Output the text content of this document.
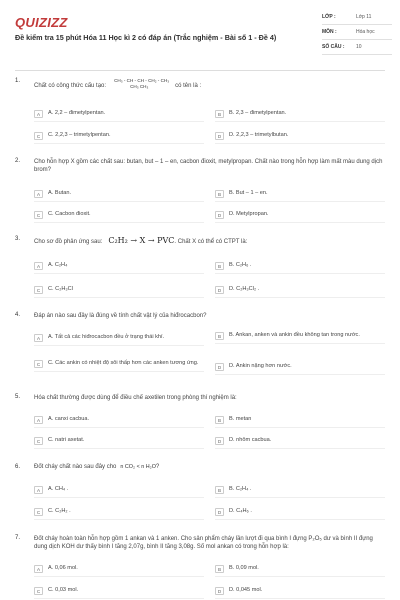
QUIZIZZ
Đề kiểm tra 15 phút Hóa 11 Học kì 2 có đáp án (Trắc nghiệm - Bài số 1 - Đề 4)
LỚP :	Lớp 11
MÔN :	Hóa học
SỐ CÂU :	10
1.
Chất có công thức cấu tạo:
CH₃ - CH - CH - CH₂ - CH₃
CH₃ CH₃	có tên là :
A	A. 2,2 – đimetylpentan.	B	B. 2,3 – đimetylpentan.
C	C. 2,2,3 – trimetylpentan.	D	D. 2,2,3 – trimetylbutan.
2. Cho hỗn hợp X gồm các chất sau: butan, but – 1 – en, cacbon đioxit, metylpropan. Chất nào trong hỗn hợp làm mất màu dung dịch brom?
A	A. Butan.	B	B. But – 1 – en.
C	C. Cacbon đioxit.	D	D. Metylpropan.
3. Cho sơ đồ phản ứng sau: C₂H₂ → X → PVC . Chất X có thể có CTPT là:
A	A. C₂H₄	B	B. C₂H₆ .
C	C. C₂H₃Cl	D	D. C₂H₃Cl₂ .
4. Đáp án nào sau đây là đúng về tính chất vật lý của hiđrocacbon?
A	A. Tất cả các hiđrocacbon đều ở trạng thái khí.	B	B. Ankan, anken và ankin đều không tan trong nước.
C	C. Các ankin có nhiệt độ sôi thấp hơn các anken tương ứng.
D	D. Ankin nặng hơn nước.
5. Hóa chất thường được dùng để điều chế axetilen trong phòng thí nghiệm là:
A	A. canxi cacbua.	B	B. metan
C	C. natri axetat.	D	D. nhôm cacbua.
6. Đốt cháy chất nào sau đây cho n CO₂ < n H₂O ?
A	A. CH₄ .	B	B. C₂H₄ .
C	C. C₂H₂ .	D	D. C₄H₆ .
7. Đốt cháy hoàn toàn hỗn hợp gồm 1 ankan và 1 anken. Cho sản phẩm cháy lần lượt đi qua bình I đựng P₂O₅ dư và bình II đựng dung dịch KOH dư thấy bình I tăng 2,07g, bình II tăng 3,08g. Số mol ankan có trong hỗn hợp là:
A	A. 0,06 mol.	B	B. 0,09 mol.
C	C. 0,03 mol.	D	D. 0,045 mol.
